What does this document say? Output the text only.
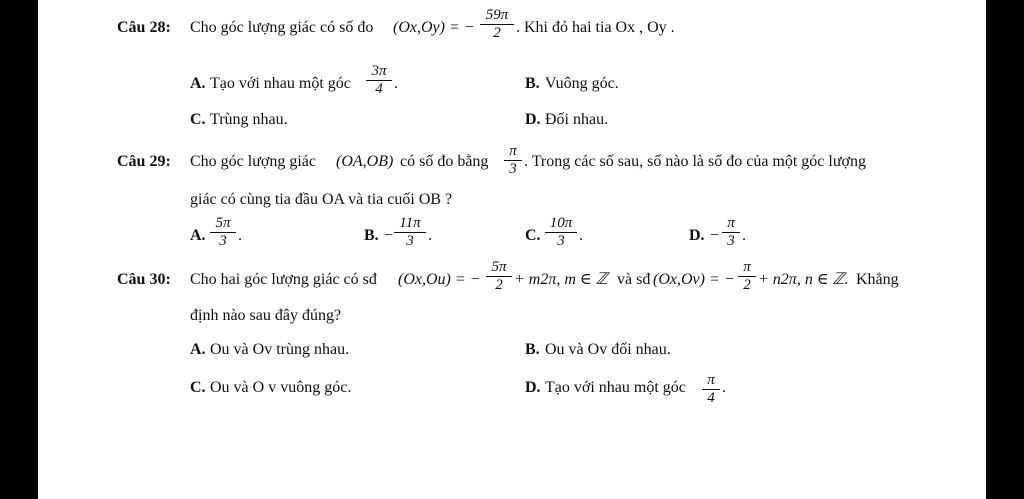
Câu 28: Cho góc lượng giác có số đo (Ox,Oy) = − $\frac{59\pi}{2}$ . Khi đó hai tia Ox , Oy .
A. Tạo với nhau một góc $\frac{3\pi}{4}$ .	B. Vuông góc.
C. Trùng nhau.	D. Đối nhau.
Câu 29: Cho góc lượng giác (OA,OB) có số đo bằng $\frac{\pi}{3}$ . Trong các số sau, số nào là số đo của một góc lượng
giác có cùng tia đầu OA và tia cuối OB ?
A. $\frac{5\pi}{3}$ .	B. − $\frac{11\pi}{3}$ .	C. $\frac{10\pi}{3}$ .	D. − $\frac{\pi}{3}$ .
Câu 30: Cho hai góc lượng giác có sđ (Ox,Ou) = − $\frac{5\pi}{2} + m2\pi$, m ∈ ℤ và sđ (Ox,Ov) = − $\frac{\pi}{2} + n2\pi$, n ∈ ℤ. Khẳng
định nào sau đây đúng?
A. Ou và Ov trùng nhau.	B. Ou và Ov đối nhau.
C. Ou và O v vuông góc.	D. Tạo với nhau một góc $\frac{\pi}{4}$ .
